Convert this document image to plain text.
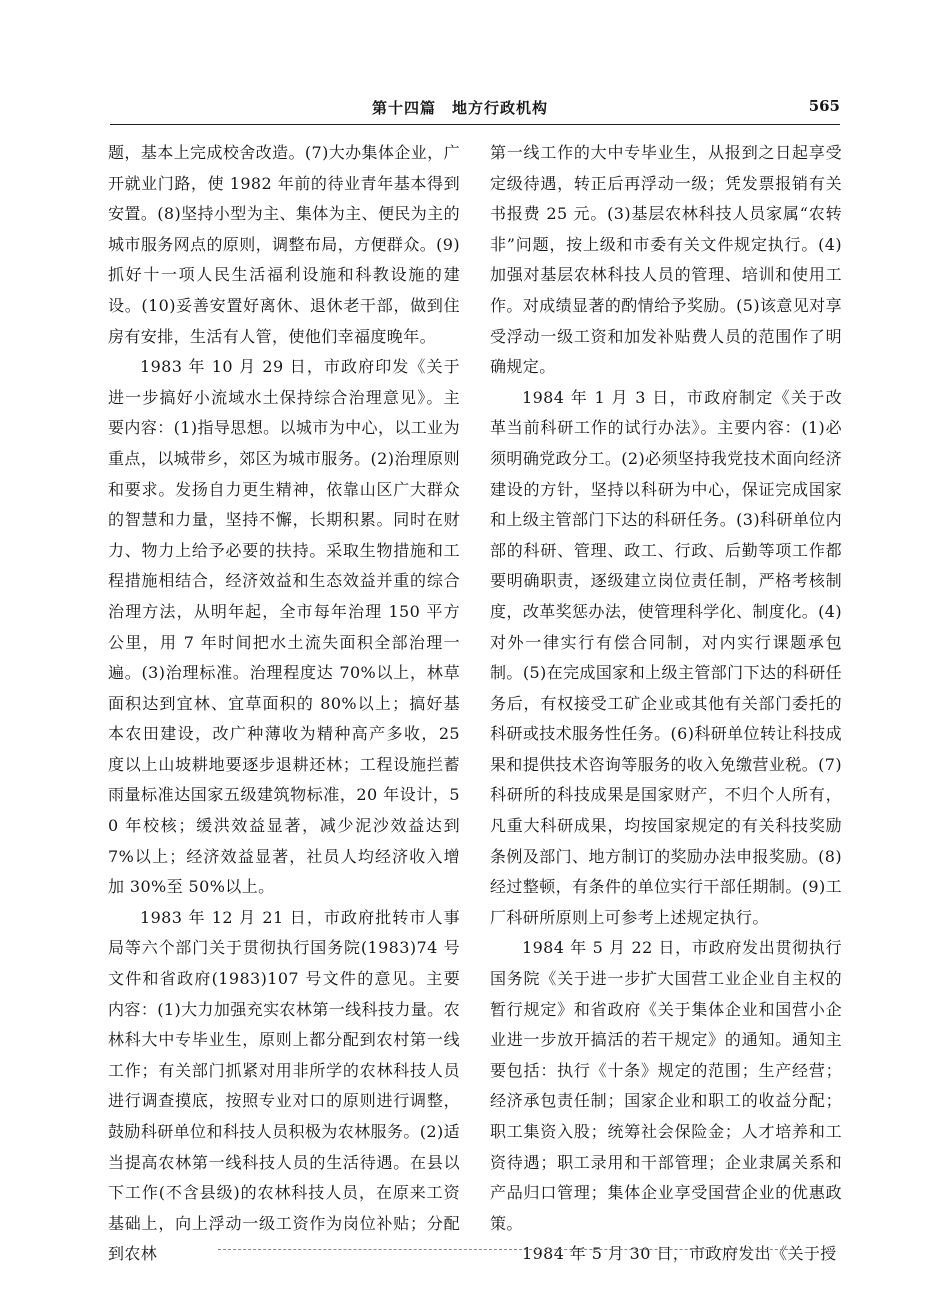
第十四篇　地方行政机构	565

题，基本上完成校舍改造。(7)大办集体企业，广开就业门路，使 1982 年前的待业青年基本得到安置。(8)坚持小型为主、集体为主、便民为主的城市服务网点的原则，调整布局，方便群众。(9)抓好十一项人民生活福利设施和科教设施的建设。(10)妥善安置好离休、退休老干部，做到住房有安排，生活有人管，使他们幸福度晚年。

1983 年 10 月 29 日，市政府印发《关于进一步搞好小流域水土保持综合治理意见》。主要内容：(1)指导思想。以城市为中心，以工业为重点，以城带乡，郊区为城市服务。(2)治理原则和要求。发扬自力更生精神，依靠山区广大群众的智慧和力量，坚持不懈，长期积累。同时在财力、物力上给予必要的扶持。采取生物措施和工程措施相结合，经济效益和生态效益并重的综合治理方法，从明年起，全市每年治理 150 平方公里，用 7 年时间把水土流失面积全部治理一遍。(3)治理标准。治理程度达 70%以上，林草面积达到宜林、宜草面积的 80%以上；搞好基本农田建设，改广种薄收为精种高产多收，25 度以上山坡耕地要逐步退耕还林；工程设施拦蓄雨量标准达国家五级建筑物标准，20 年设计，50 年校核；缓洪效益显著，减少泥沙效益达到 7%以上；经济效益显著，社员人均经济收入增加 30%至 50%以上。

1983 年 12 月 21 日，市政府批转市人事局等六个部门关于贯彻执行国务院(1983)74 号文件和省政府(1983)107 号文件的意见。主要内容：(1)大力加强充实农林第一线科技力量。农林科大中专毕业生，原则上都分配到农村第一线工作；有关部门抓紧对用非所学的农林科技人员进行调查摸底，按照专业对口的原则进行调整，鼓励科研单位和科技人员积极为农林服务。(2)适当提高农林第一线科技人员的生活待遇。在县以下工作(不含县级)的农林科技人员，在原来工资基础上，向上浮动一级工资作为岗位补贴；分配到农林

第一线工作的大中专毕业生，从报到之日起享受定级待遇，转正后再浮动一级；凭发票报销有关书报费 25 元。(3)基层农林科技人员家属“农转非”问题，按上级和市委有关文件规定执行。(4)加强对基层农林科技人员的管理、培训和使用工作。对成绩显著的酌情给予奖励。(5)该意见对享受浮动一级工资和加发补贴费人员的范围作了明确规定。

1984 年 1 月 3 日，市政府制定《关于改革当前科研工作的试行办法》。主要内容：(1)必须明确党政分工。(2)必须坚持我党技术面向经济建设的方针，坚持以科研为中心，保证完成国家和上级主管部门下达的科研任务。(3)科研单位内部的科研、管理、政工、行政、后勤等项工作都要明确职责，逐级建立岗位责任制，严格考核制度，改革奖惩办法，使管理科学化、制度化。(4)对外一律实行有偿合同制，对内实行课题承包制。(5)在完成国家和上级主管部门下达的科研任务后，有权接受工矿企业或其他有关部门委托的科研或技术服务性任务。(6)科研单位转让科技成果和提供技术咨询等服务的收入免缴营业税。(7)科研所的科技成果是国家财产，不归个人所有，凡重大科研成果，均按国家规定的有关科技奖励条例及部门、地方制订的奖励办法申报奖励。(8)经过整顿，有条件的单位实行干部任期制。(9)工厂科研所原则上可参考上述规定执行。

1984 年 5 月 22 日，市政府发出贯彻执行国务院《关于进一步扩大国营工业企业自主权的暂行规定》和省政府《关于集体企业和国营小企业进一步放开搞活的若干规定》的通知。通知主要包括：执行《十条》规定的范围；生产经营；经济承包责任制；国家企业和职工的收益分配；职工集资入股；统筹社会保险金；人才培养和工资待遇；职工录用和干部管理；企业隶属关系和产品归口管理；集体企业享受国营企业的优惠政策。

1984 年 5 月 30 日，市政府发出《关于授
